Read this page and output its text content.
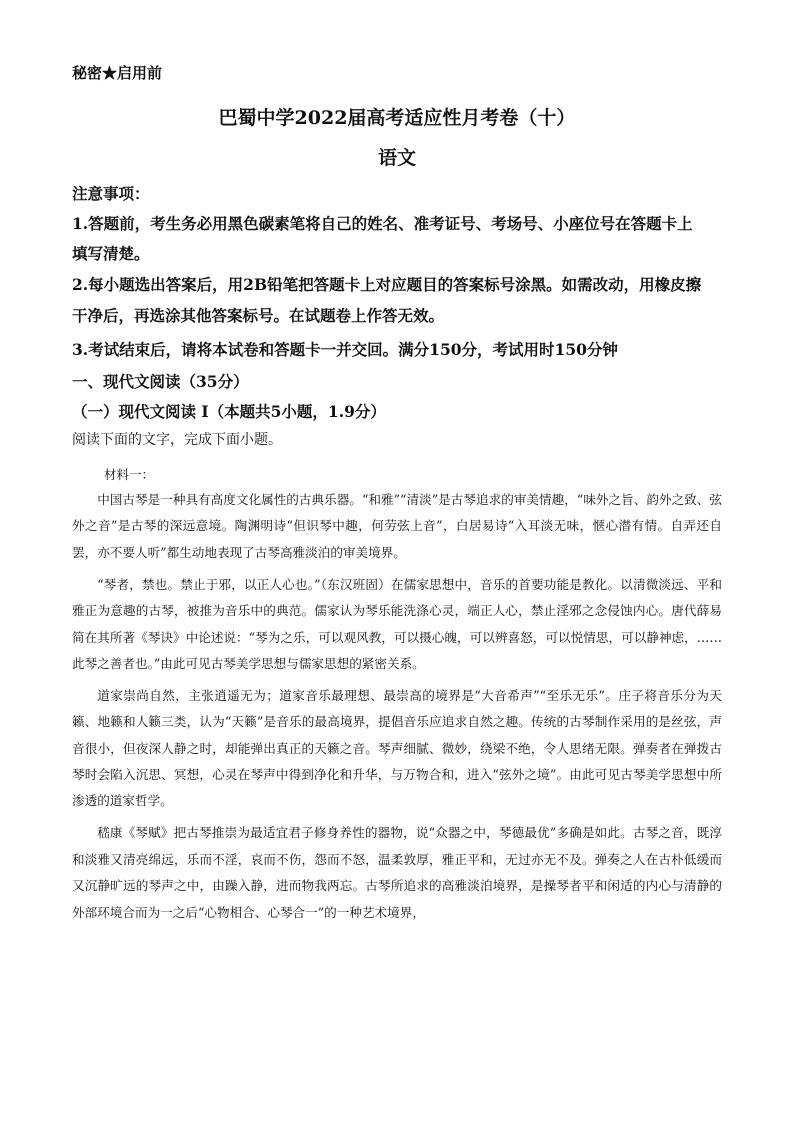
秘密★启用前
巴蜀中学2022届高考适应性月考卷（十）
语文
注意事项：
1.答题前，考生务必用黑色碳素笔将自己的姓名、准考证号、考场号、小座位号在答题卡上
填写清楚。
2.每小题选出答案后，用2B铅笔把答题卡上对应题目的答案标号涂黑。如需改动，用橡皮擦
干净后，再选涂其他答案标号。在试题卷上作答无效。
3.考试结束后，请将本试卷和答题卡一并交回。满分150分，考试用时150分钟
一、现代文阅读（35分）
（一）现代文阅读 I（本题共5小题，1.9分）
阅读下面的文字，完成下面小题。
材料一：

中国古琴是一种具有高度文化属性的古典乐器。“和雅”“清淡”是古琴追求的审美情趣，“味外之旨、韵外之致、弦外之音”是古琴的深远意境。陶渊明诗“但识琴中趣，何劳弦上音”，白居易诗“入耳淡无味，惬心潜有情。自弄还自罢，亦不要人听”都生动地表现了古琴高雅淡泊的审美境界。

“琴者，禁也。禁止于邪，以正人心也。”（东汉班固）在儒家思想中，音乐的首要功能是教化。以清微淡远、平和雅正为意趣的古琴，被推为音乐中的典范。儒家认为琴乐能洗涤心灵，端正人心，禁止淫邪之念侵蚀内心。唐代薛易简在其所著《琴诀》中论述说：“琴为之乐，可以观风教，可以摄心魄，可以辨喜怒，可以悦情思，可以静神虑，……此琴之善者也。”由此可见古琴美学思想与儒家思想的紧密关系。

道家崇尚自然，主张逍遥无为；道家音乐最理想、最崇高的境界是“大音希声”“至乐无乐”。庄子将音乐分为天籁、地籁和人籁三类，认为“天籁”是音乐的最高境界，提倡音乐应追求自然之趣。传统的古琴制作采用的是丝弦，声音很小，但夜深人静之时，却能弹出真正的天籁之音。琴声细腻、微妙，绕梁不绝，令人思绪无限。弹奏者在弹拨古琴时会陷入沉思、冥想，心灵在琴声中得到净化和升华，与万物合和，进入“弦外之境”。由此可见古琴美学思想中所渗透的道家哲学。

嵇康《琴赋》把古琴推崇为最适宜君子修身养性的器物，说“众器之中，琴德最优”多确是如此。古琴之音，既淳和淡雅又清亮绵远，乐而不淫，哀而不伤，怨而不怒，温柔敦厚，雅正平和，无过亦无不及。弹奏之人在古朴低缓而又沉静旷远的琴声之中，由躁入静，进而物我两忘。古琴所追求的高雅淡泊境界，是操琴者平和闲适的内心与清静的外部环境合而为一之后“心物相合、心琴合一”的一种艺术境界，
